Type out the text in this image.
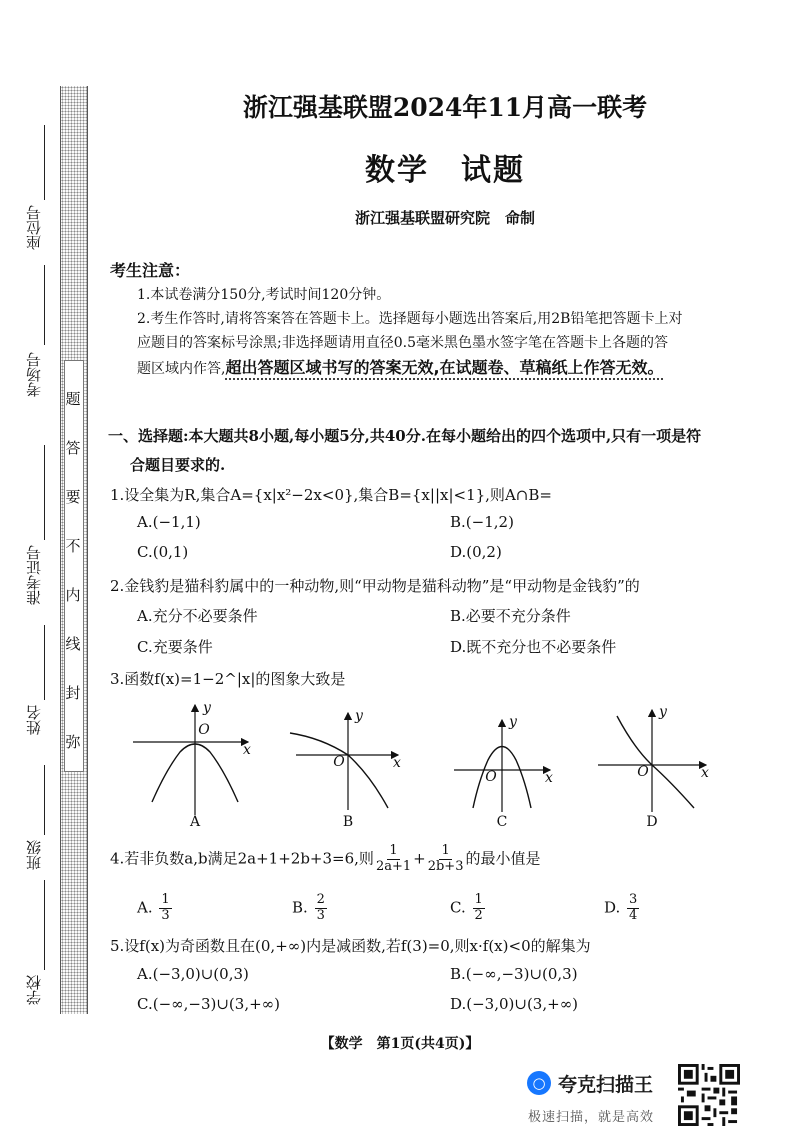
座位号
考场号
准考证号
姓名
班级
学校
题
答
要
不
内
线
封
弥
浙江强基联盟2024年11月高一联考
数学　试题
浙江强基联盟研究院　命制
考生注意：
1.本试卷满分150分,考试时间120分钟。
2.考生作答时,请将答案答在答题卡上。选择题每小题选出答案后,用2B铅笔把答题卡上对
应题目的答案标号涂黑;非选择题请用直径0.5毫米黑色墨水签字笔在答题卡上各题的答
题区域内作答,超出答题区域书写的答案无效,在试题卷、草稿纸上作答无效。
一、选择题:本大题共8小题,每小题5分,共40分.在每小题给出的四个选项中,只有一项是符
合题目要求的.
1.设全集为R,集合A={x|x²−2x<0},集合B={x||x|<1},则A∩B=
A.(−1,1)	B.(−1,2)
C.(0,1)	D.(0,2)
2.金钱豹是猫科豹属中的一种动物,则“甲动物是猫科动物”是“甲动物是金钱豹”的
A.充分不必要条件	B.必要不充分条件
C.充要条件	D.既不充分也不必要条件
3.函数f(x)=1−2^|x|的图象大致是
y
x
O
A
y
x
O
B
y
x
O
C
y
x
O
D
4.若非负数a,b满足2a+1+2b+3=6,则 $\frac{1}{2a+1} + \frac{1}{2b+3}$ 的最小值是
A. $\frac{1}{3}$	B. $\frac{2}{3}$	C. $\frac{1}{2}$	D. $\frac{3}{4}$
5.设f(x)为奇函数且在(0,+∞)内是减函数,若f(3)=0,则x·f(x)<0的解集为
A.(−3,0)∪(0,3)	B.(−∞,−3)∪(0,3)
C.(−∞,−3)∪(3,+∞)	D.(−3,0)∪(3,+∞)
【数学　第1页(共4页)】
○ 夸克扫描王
极速扫描，就是高效
